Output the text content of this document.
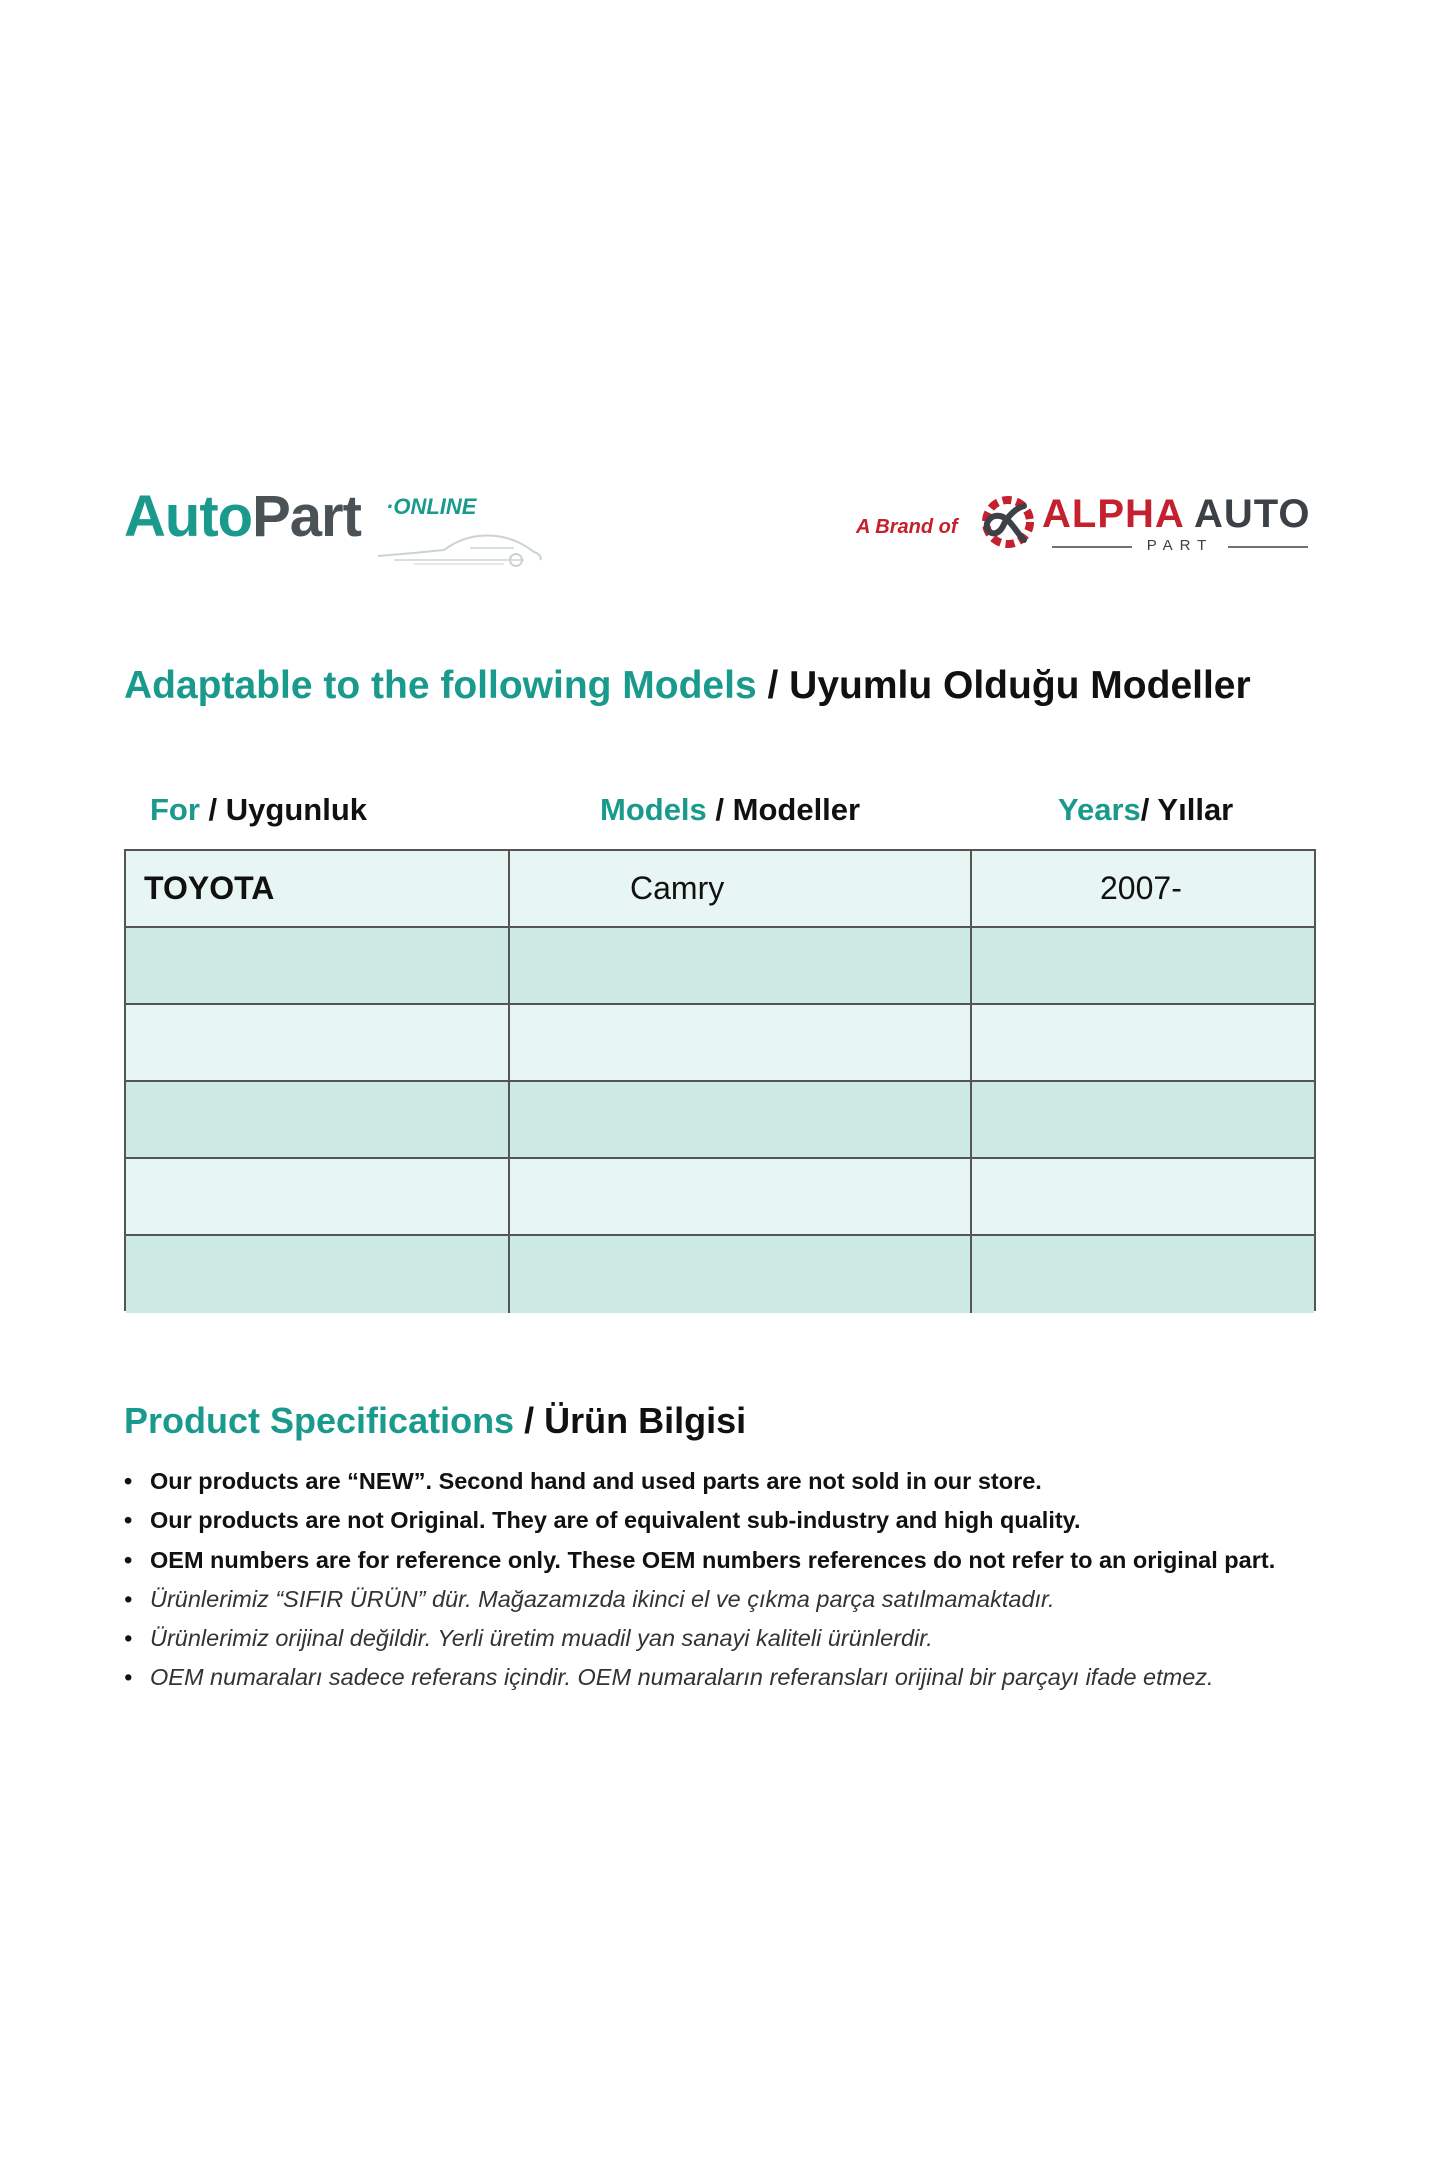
AutoPart ·ONLINE
A Brand of ALPHA AUTO
PART
Adaptable to the following Models / Uyumlu Olduğu Modeller
For / Uygunluk	Models / Modeller	Years/ Yıllar
TOYOTA	Camry	2007-
Product Specifications / Ürün Bilgisi
• Our products are “NEW”. Second hand and used parts are not sold in our store.
• Our products are not Original. They are of equivalent sub-industry and high quality.
• OEM numbers are for reference only. These OEM numbers references do not refer to an original part.
• Ürünlerimiz “SIFIR ÜRÜN” dür. Mağazamızda ikinci el ve çıkma parça satılmamaktadır.
• Ürünlerimiz orijinal değildir. Yerli üretim muadil yan sanayi kaliteli ürünlerdir.
• OEM numaraları sadece referans içindir. OEM numaraların referansları orijinal bir parçayı ifade etmez.
